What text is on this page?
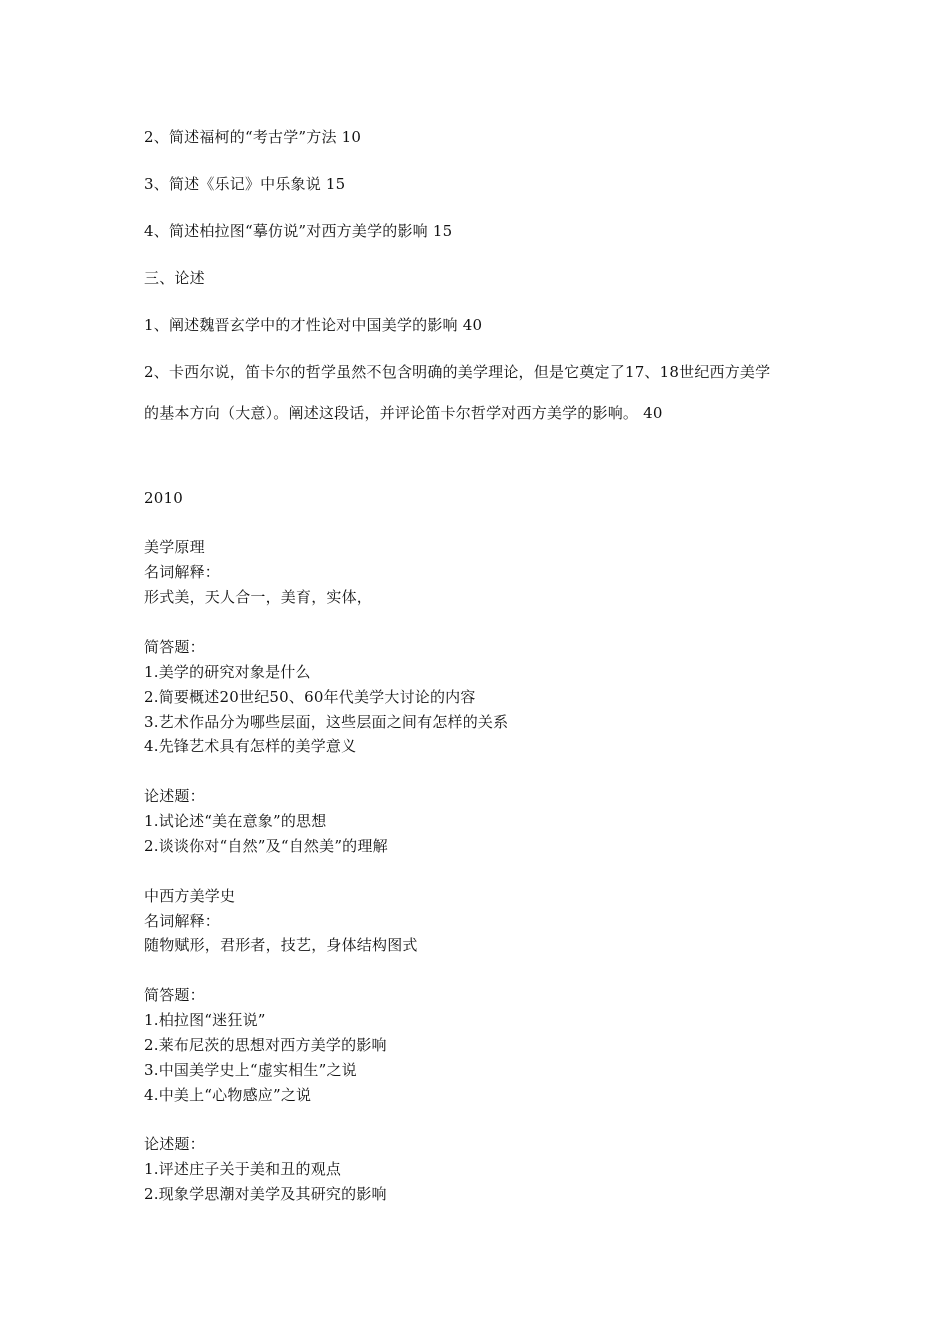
2、简述福柯的“考古学”方法 10
3、简述《乐记》中乐象说 15
4、简述柏拉图“摹仿说”对西方美学的影响 15
三、论述
1、阐述魏晋玄学中的才性论对中国美学的影响 40
2、卡西尔说，笛卡尔的哲学虽然不包含明确的美学理论，但是它奠定了17、18世纪西方美学
的基本方向（大意）。阐述这段话，并评论笛卡尔哲学对西方美学的影响。 40
2010
美学原理
名词解释：
形式美，天人合一，美育，实体，
简答题：
1.美学的研究对象是什么
2.简要概述20世纪50、60年代美学大讨论的内容
3.艺术作品分为哪些层面，这些层面之间有怎样的关系
4.先锋艺术具有怎样的美学意义
论述题：
1.试论述“美在意象”的思想
2.谈谈你对“自然”及“自然美”的理解
中西方美学史
名词解释：
随物赋形，君形者，技艺，身体结构图式
简答题：
1.柏拉图“迷狂说”
2.莱布尼茨的思想对西方美学的影响
3.中国美学史上“虚实相生”之说
4.中美上“心物感应”之说
论述题：
1.评述庄子关于美和丑的观点
2.现象学思潮对美学及其研究的影响
